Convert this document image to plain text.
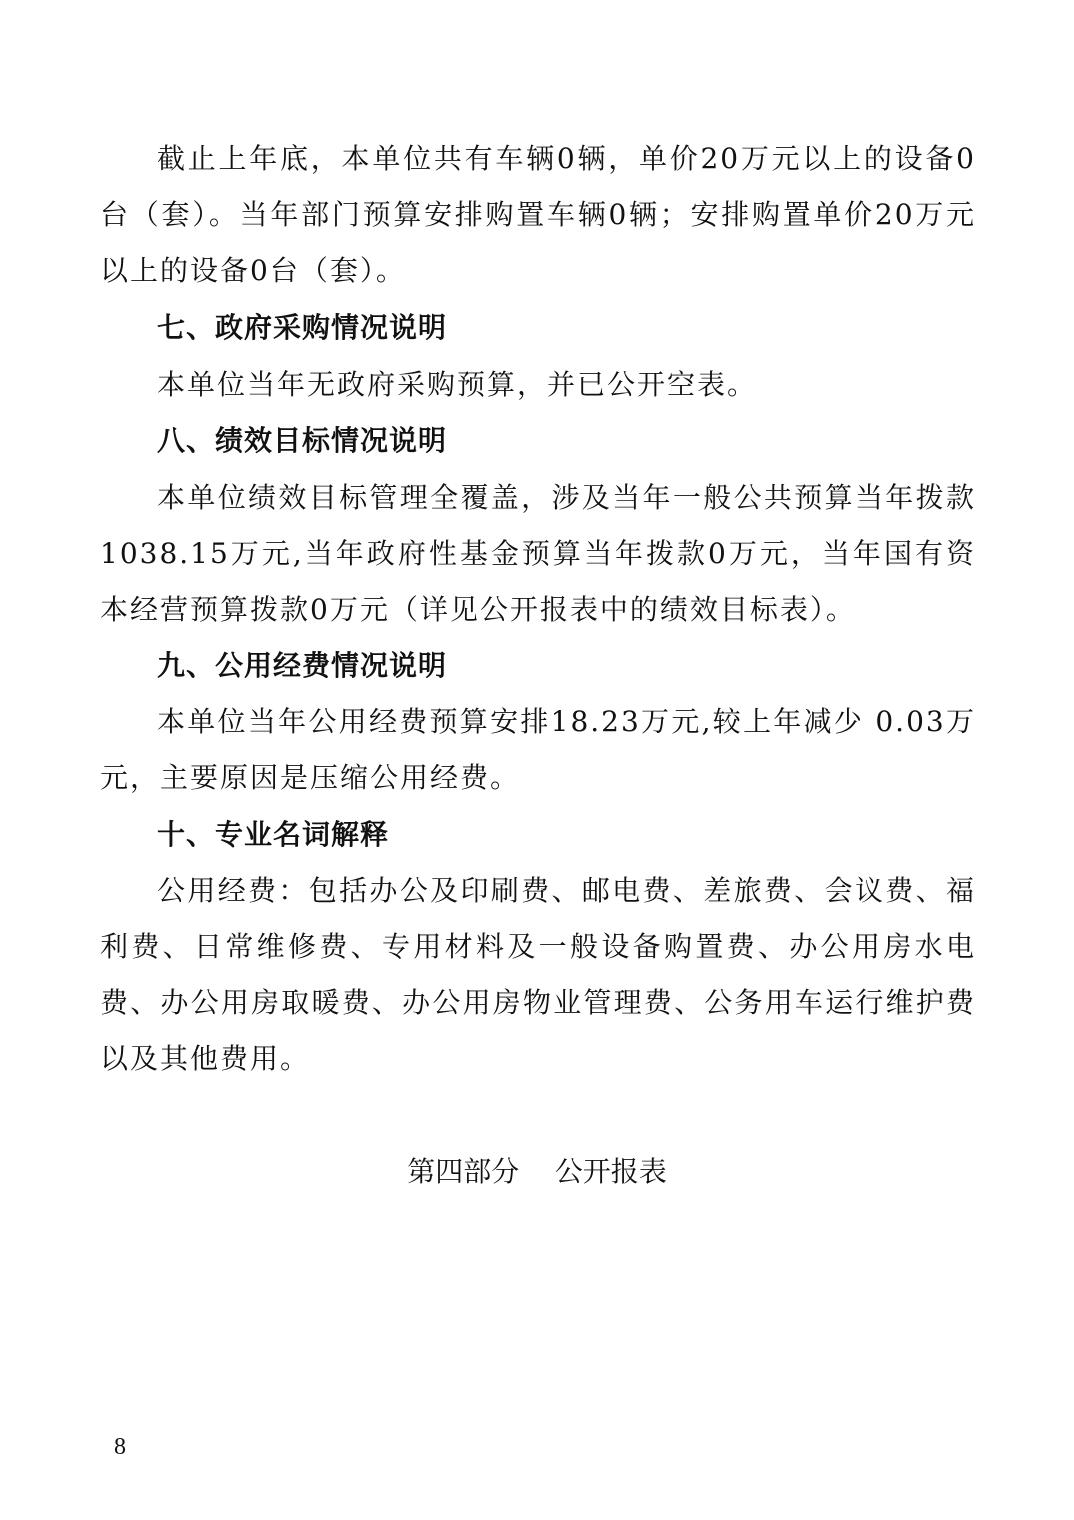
截止上年底，本单位共有车辆0辆，单价20万元以上的设备0台（套）。当年部门预算安排购置车辆0辆；安排购置单价20万元以上的设备0台（套）。

七、政府采购情况说明

本单位当年无政府采购预算，并已公开空表。

八、绩效目标情况说明

本单位绩效目标管理全覆盖，涉及当年一般公共预算当年拨款1038.15万元,当年政府性基金预算当年拨款0万元，当年国有资本经营预算拨款0万元（详见公开报表中的绩效目标表）。

九、公用经费情况说明

本单位当年公用经费预算安排18.23万元,较上年减少 0.03万元，主要原因是压缩公用经费。

十、专业名词解释

公用经费：包括办公及印刷费、邮电费、差旅费、会议费、福利费、日常维修费、专用材料及一般设备购置费、办公用房水电费、办公用房取暖费、办公用房物业管理费、公务用车运行维护费以及其他费用。

第四部分    公开报表

8
